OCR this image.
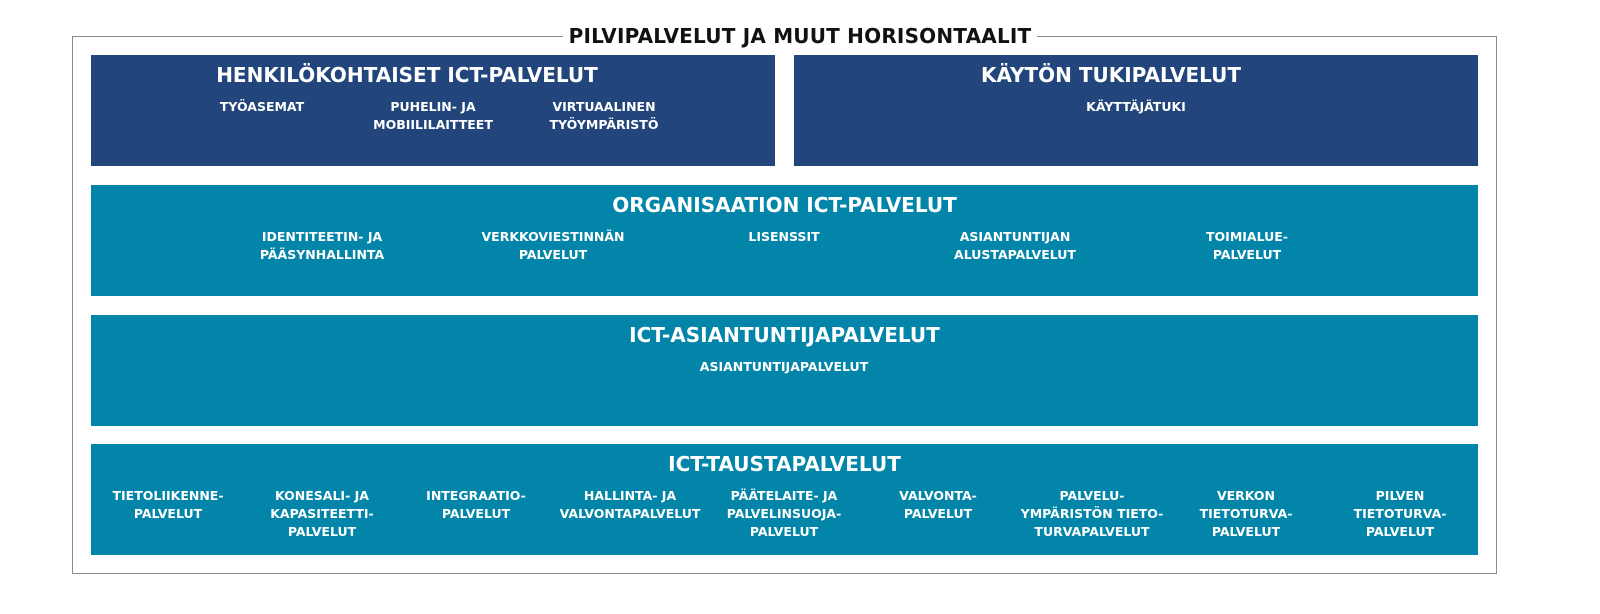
PILVIPALVELUT JA MUUT HORISONTAALIT
HENKILÖKOHTAISET ICT-PALVELUT
TYÖASEMAT	PUHELIN- JA
MOBIILILAITTEET
VIRTUAALINEN
TYÖYMPÄRISTÖ
KÄYTÖN TUKIPALVELUT
KÄYTTÄJÄTUKI
ORGANISAATION ICT-PALVELUT
IDENTITEETIN- JA
PÄÄSYNHALLINTA
VERKKOVIESTINNÄN
PALVELUT
LISENSSIT	ASIANTUNTIJAN
ALUSTAPALVELUT
TOIMIALUE-
PALVELUT
ICT-ASIANTUNTIJAPALVELUT
ASIANTUNTIJAPALVELUT
ICT-TAUSTAPALVELUT
TIETOLIIKENNE-
PALVELUT
KONESALI- JA
KAPASITEETTI-
PALVELUT
INTEGRAATIO-
PALVELUT
HALLINTA- JA
VALVONTAPALVELUT
PÄÄTELAITE- JA
PALVELINSUOJA-
PALVELUT
VALVONTA-
PALVELUT
PALVELU-
YMPÄRISTÖN TIETO-
TURVAPALVELUT
VERKON
TIETOTURVA-
PALVELUT
PILVEN
TIETOTURVA-
PALVELUT
